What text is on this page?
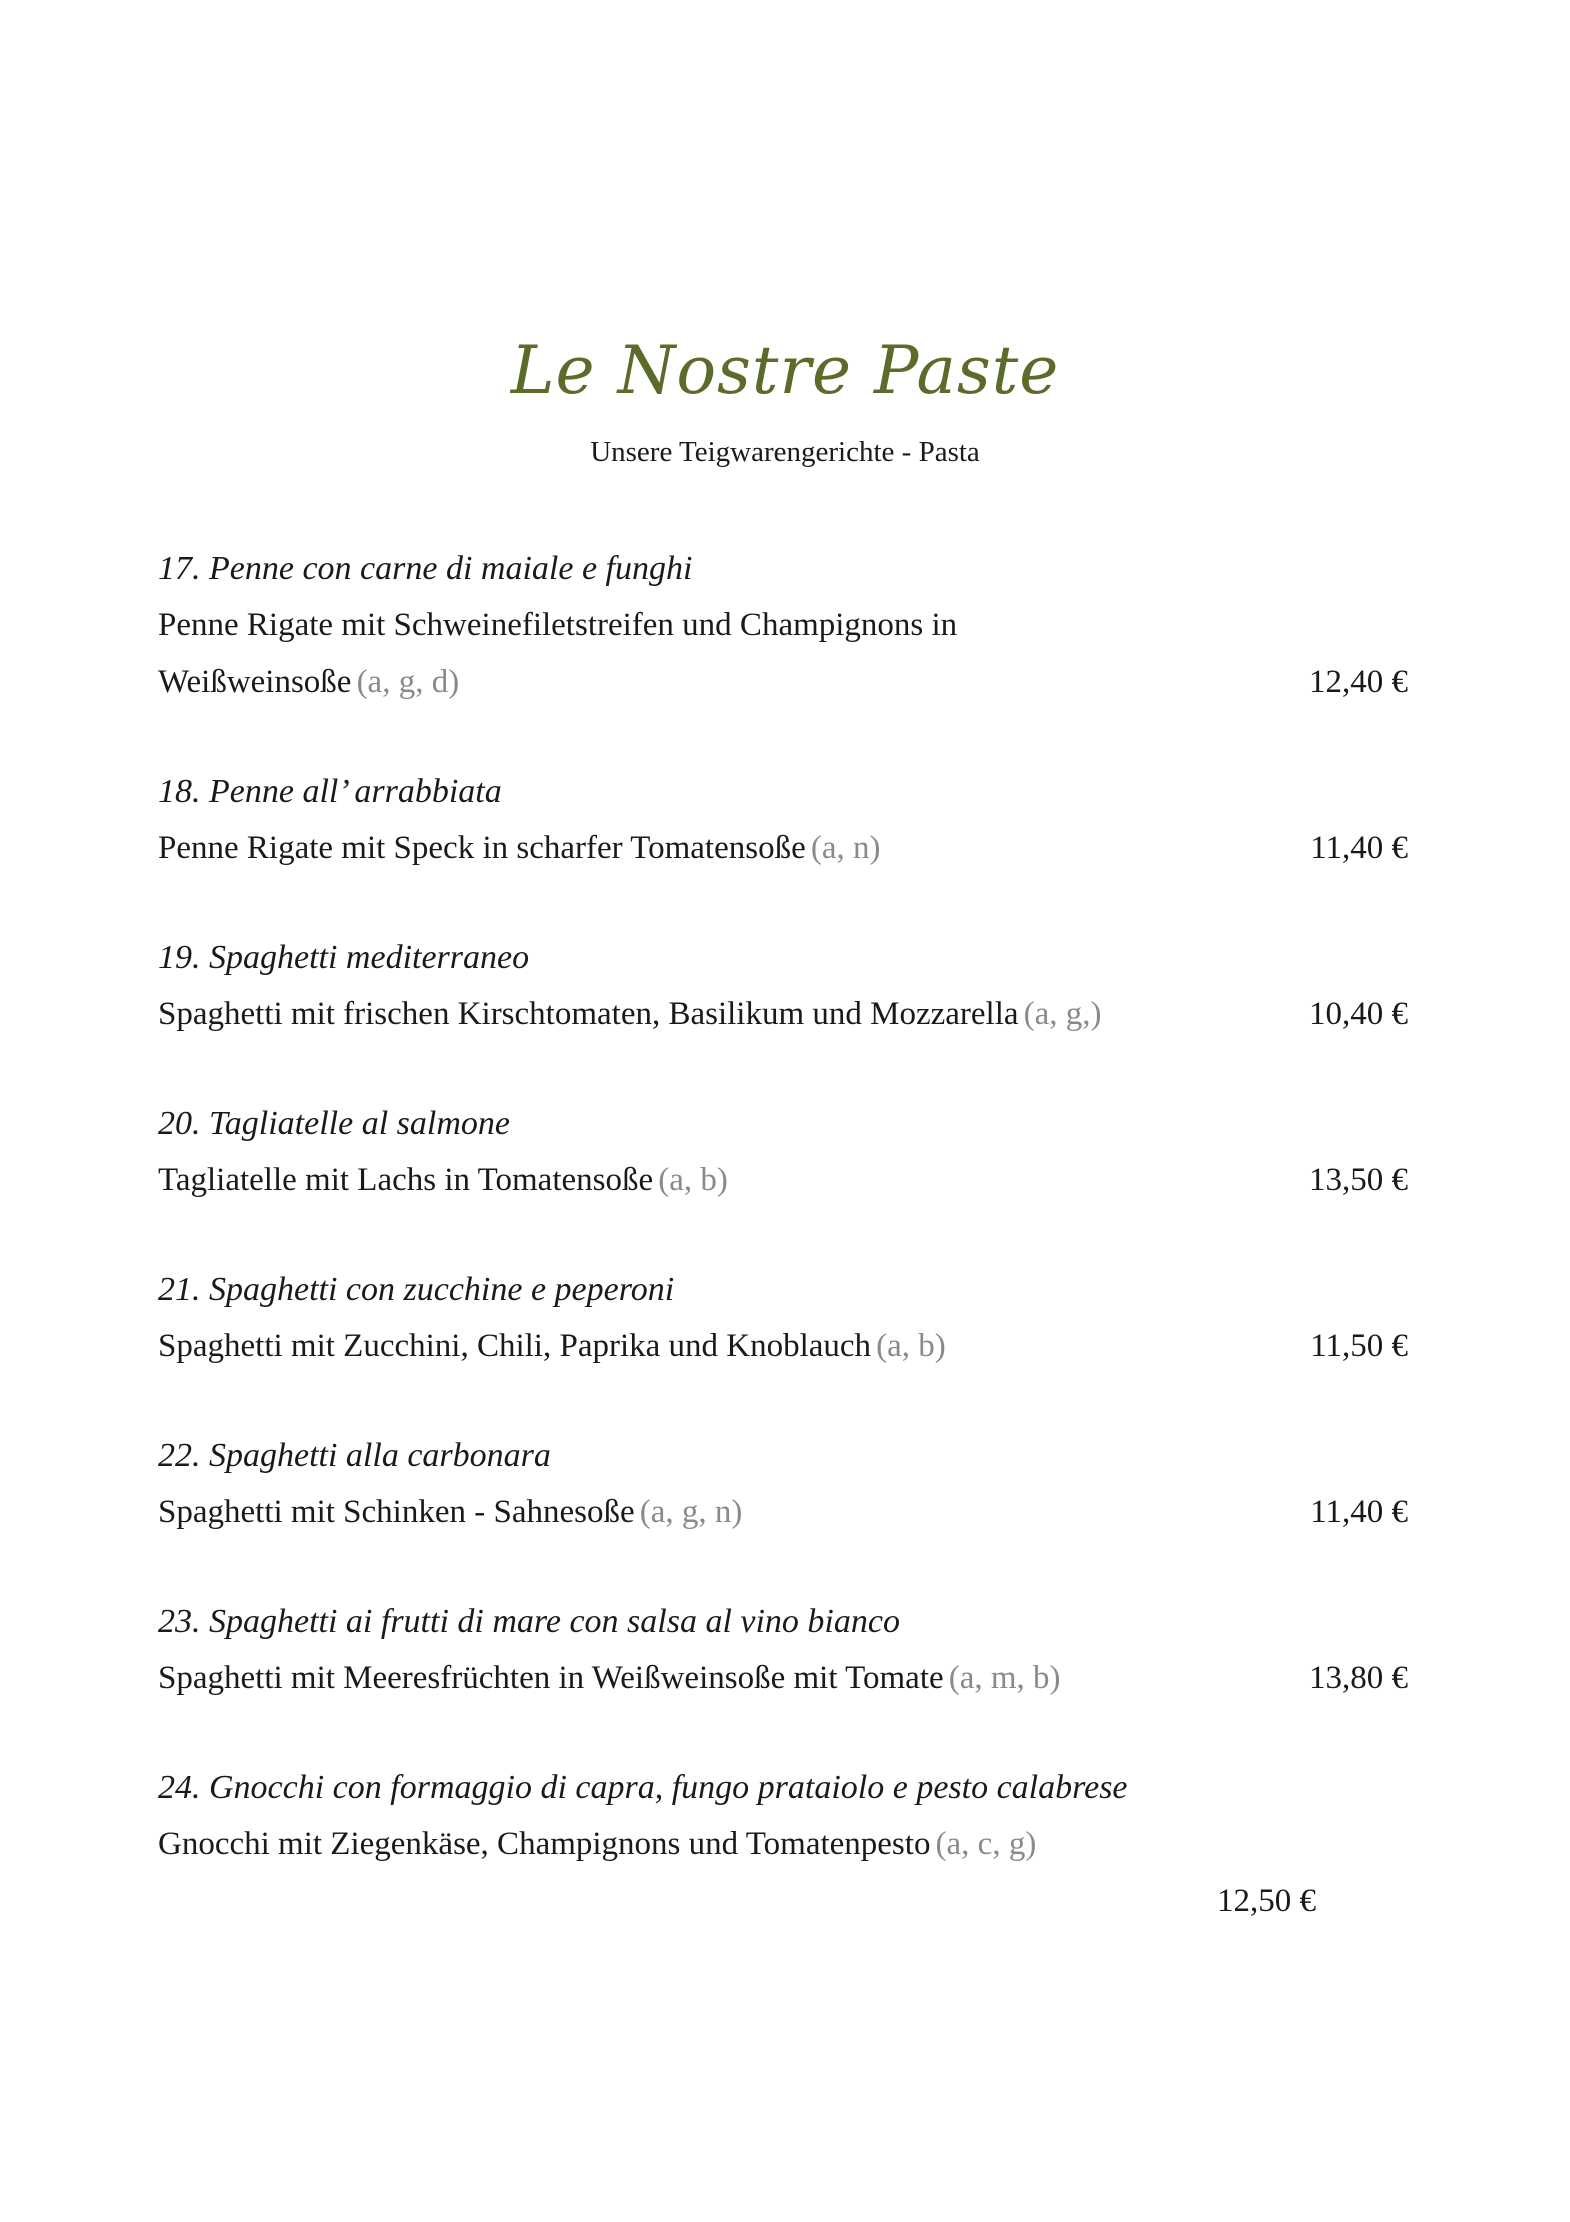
Le Nostre Paste
Unsere Teigwarengerichte - Pasta
17. Penne con carne di maiale e funghi
Penne Rigate mit Schweinefiletstreifen und Champignons in
Weißweinsoße (a, g, d)	12,40 €
18. Penne all’ arrabbiata
Penne Rigate mit Speck in scharfer Tomatensoße (a, n)	11,40 €
19. Spaghetti mediterraneo
Spaghetti mit frischen Kirschtomaten, Basilikum und Mozzarella (a, g,)	10,40 €
20. Tagliatelle al salmone
Tagliatelle mit Lachs in Tomatensoße (a, b)	13,50 €
21. Spaghetti con zucchine e peperoni
Spaghetti mit Zucchini, Chili, Paprika und Knoblauch (a, b)	11,50 €
22. Spaghetti alla carbonara
Spaghetti mit Schinken - Sahnesoße (a, g, n)	11,40 €
23. Spaghetti ai frutti di mare con salsa al vino bianco
Spaghetti mit Meeresfrüchten in Weißweinsoße mit Tomate (a, m, b)	13,80 €
24. Gnocchi con formaggio di capra, fungo prataiolo e pesto calabrese
Gnocchi mit Ziegenkäse, Champignons und Tomatenpesto (a, c, g)
12,50 €
